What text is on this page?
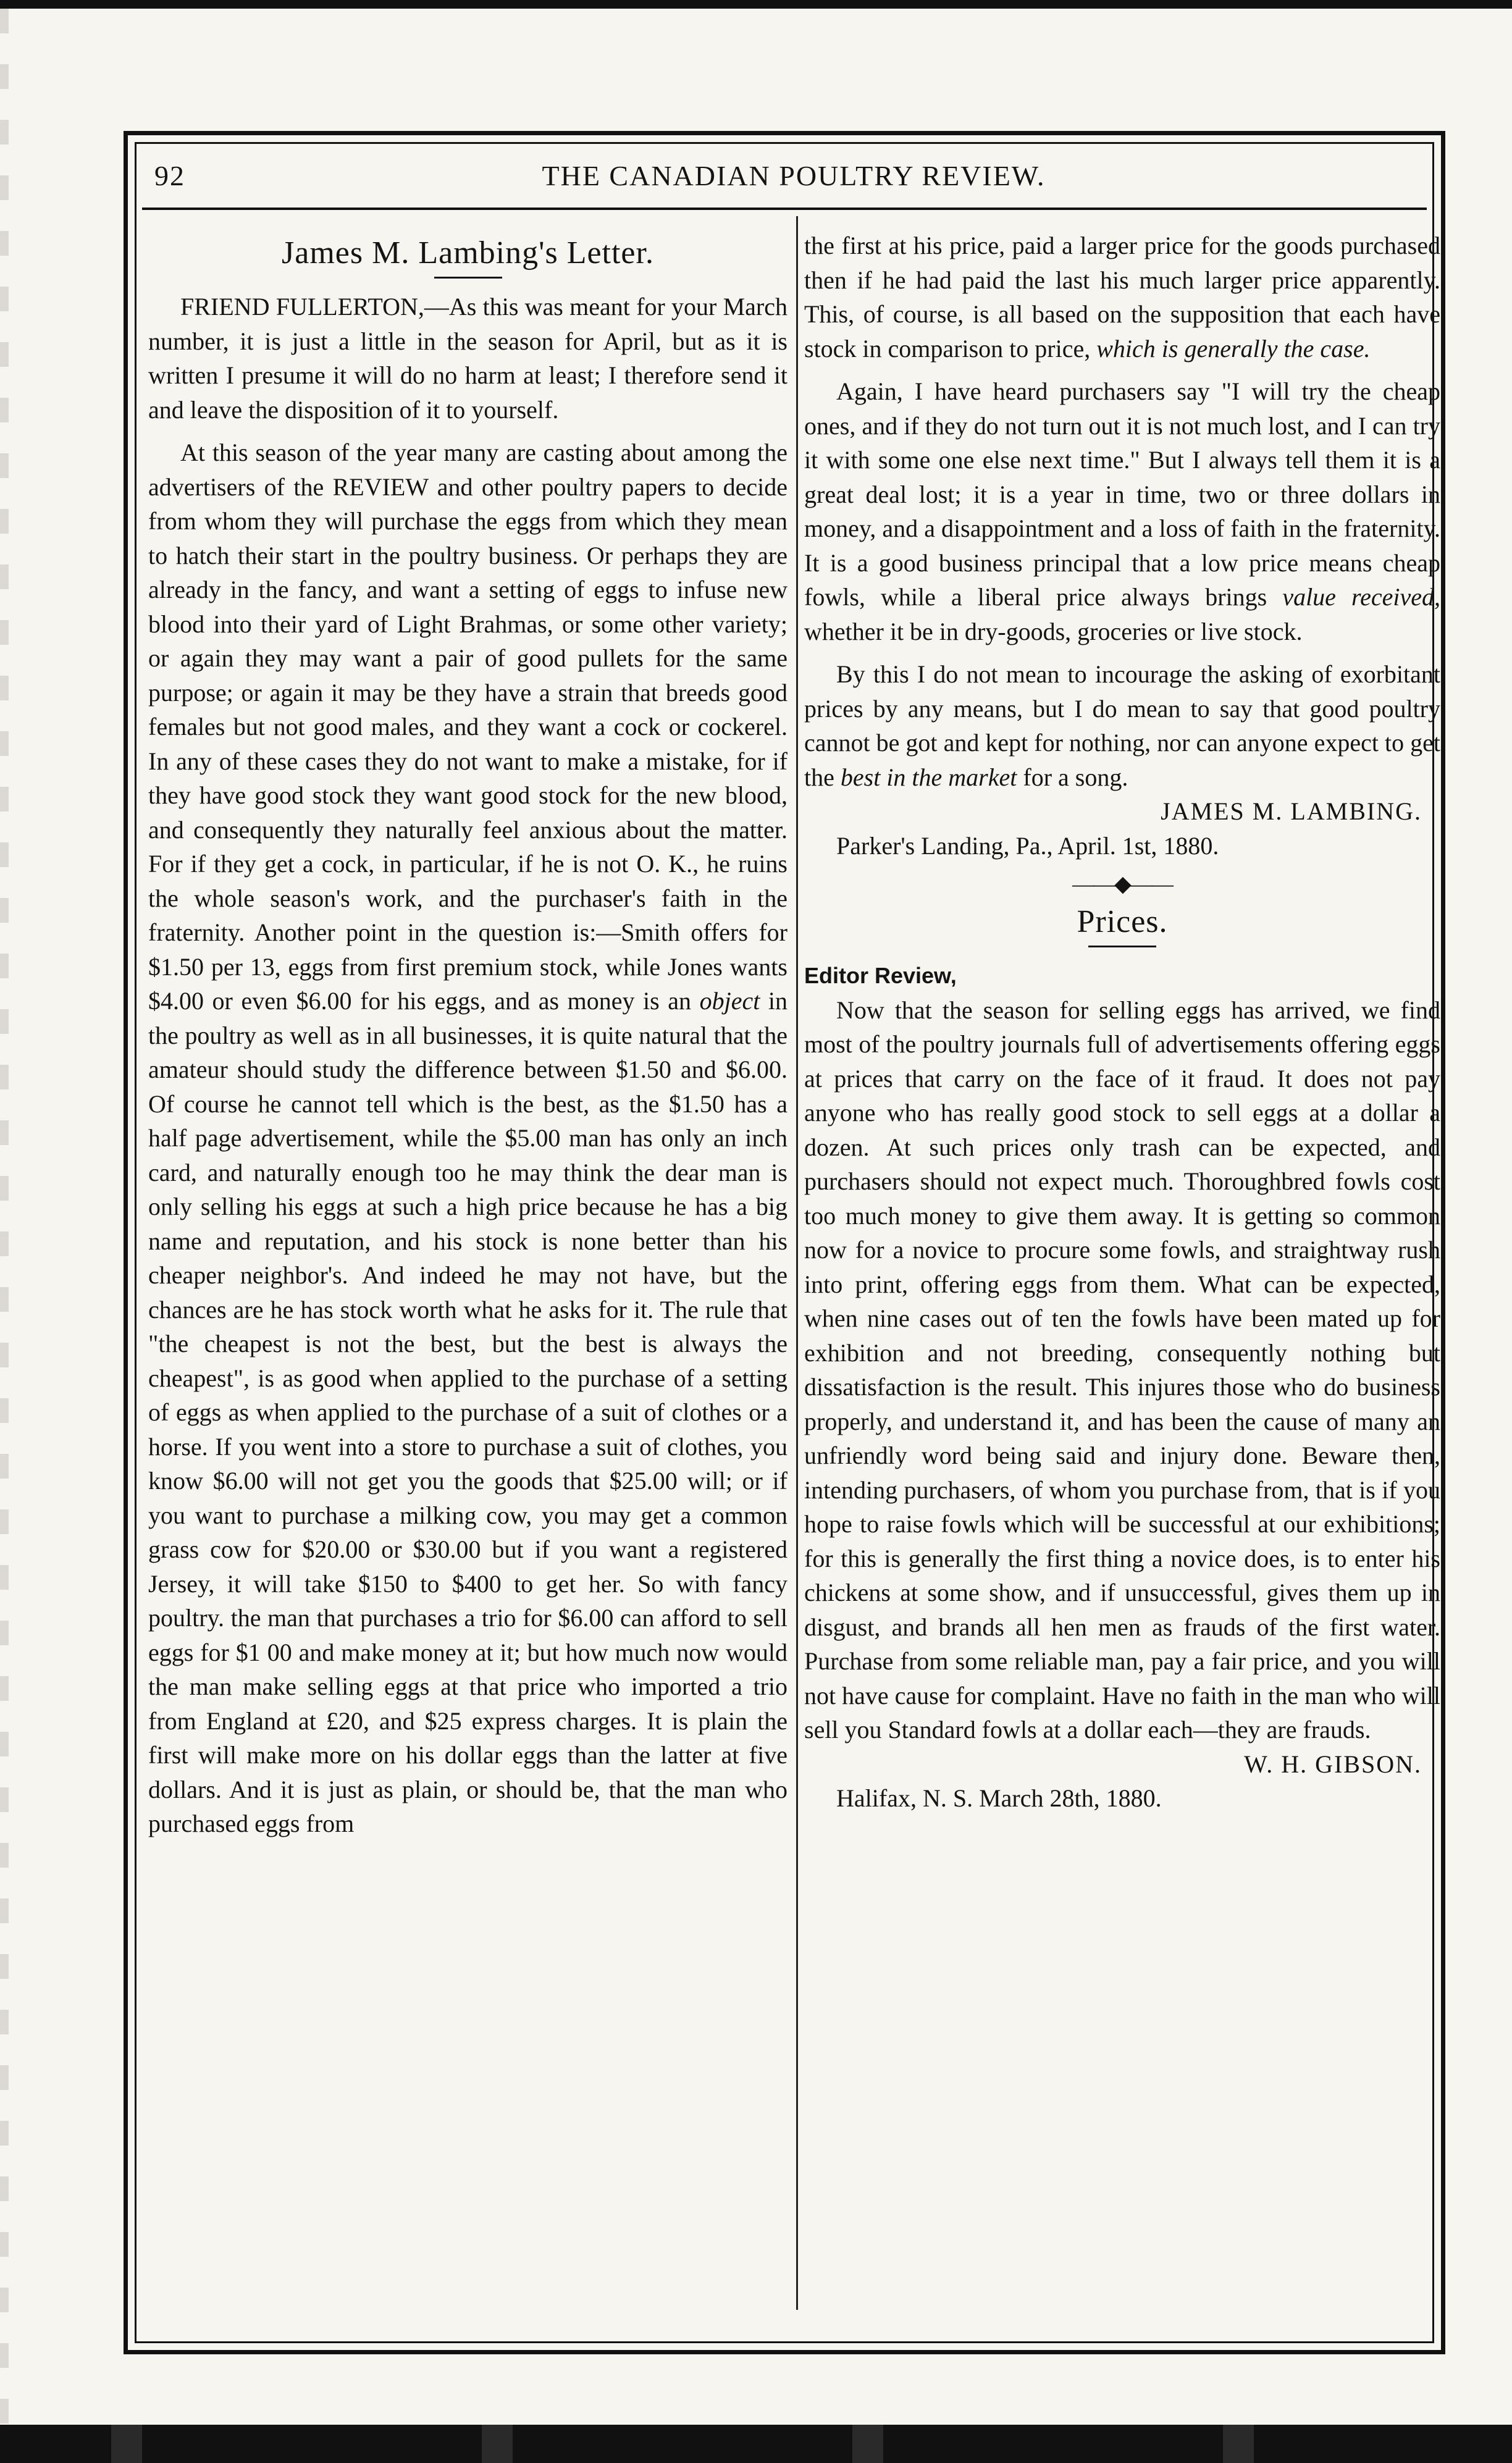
92	THE CANADIAN POULTRY REVIEW.
James M. Lambing's Letter.

FRIEND FULLERTON,—As this was meant for your March number, it is just a little in the season for April, but as it is written I presume it will do no harm at least; I therefore send it and leave the disposition of it to yourself.

At this season of the year many are casting about among the advertisers of the REVIEW and other poultry papers to decide from whom they will purchase the eggs from which they mean to hatch their start in the poultry business. Or perhaps they are already in the fancy, and want a setting of eggs to infuse new blood into their yard of Light Brahmas, or some other variety; or again they may want a pair of good pullets for the same purpose; or again it may be they have a strain that breeds good females but not good males, and they want a cock or cockerel. In any of these cases they do not want to make a mistake, for if they have good stock they want good stock for the new blood, and consequently they naturally feel anxious about the matter. For if they get a cock, in particular, if he is not O. K., he ruins the whole season's work, and the purchaser's faith in the fraternity. Another point in the question is:—Smith offers for $1.50 per 13, eggs from first premium stock, while Jones wants $4.00 or even $6.00 for his eggs, and as money is an object in the poultry as well as in all businesses, it is quite natural that the amateur should study the difference between $1.50 and $6.00. Of course he cannot tell which is the best, as the $1.50 has a half page advertisement, while the $5.00 man has only an inch card, and naturally enough too he may think the dear man is only selling his eggs at such a high price because he has a big name and reputation, and his stock is none better than his cheaper neighbor's. And indeed he may not have, but the chances are he has stock worth what he asks for it. The rule that "the cheapest is not the best, but the best is always the cheapest", is as good when applied to the purchase of a setting of eggs as when applied to the purchase of a suit of clothes or a horse. If you went into a store to purchase a suit of clothes, you know $6.00 will not get you the goods that $25.00 will; or if you want to purchase a milking cow, you may get a common grass cow for $20.00 or $30.00 but if you want a registered Jersey, it will take $150 to $400 to get her. So with fancy poultry. the man that purchases a trio for $6.00 can afford to sell eggs for $1 00 and make money at it; but how much now would the man make selling eggs at that price who imported a trio from England at £20, and $25 express charges. It is plain the first will make more on his dollar eggs than the latter at five dollars. And it is just as plain, or should be, that the man who purchased eggs from

the first at his price, paid a larger price for the goods purchased then if he had paid the last his much larger price apparently. This, of course, is all based on the supposition that each have stock in comparison to price, which is generally the case.

Again, I have heard purchasers say "I will try the cheap ones, and if they do not turn out it is not much lost, and I can try it with some one else next time." But I always tell them it is a great deal lost; it is a year in time, two or three dollars in money, and a disappointment and a loss of faith in the fraternity. It is a good business principal that a low price means cheap fowls, while a liberal price always brings value received, whether it be in dry-goods, groceries or live stock.

By this I do not mean to incourage the asking of exorbitant prices by any means, but I do mean to say that good poultry cannot be got and kept for nothing, nor can anyone expect to get the best in the market for a song.

JAMES M. LAMBING.

Parker's Landing, Pa., April. 1st, 1880.

——◆——
Prices.

Editor Review,

Now that the season for selling eggs has arrived, we find most of the poultry journals full of advertisements offering eggs at prices that carry on the face of it fraud. It does not pay anyone who has really good stock to sell eggs at a dollar a dozen. At such prices only trash can be expected, and purchasers should not expect much. Thoroughbred fowls cost too much money to give them away. It is getting so common now for a novice to procure some fowls, and straightway rush into print, offering eggs from them. What can be expected, when nine cases out of ten the fowls have been mated up for exhibition and not breeding, consequently nothing but dissatisfaction is the result. This injures those who do business properly, and understand it, and has been the cause of many an unfriendly word being said and injury done. Beware then, intending purchasers, of whom you purchase from, that is if you hope to raise fowls which will be successful at our exhibitions; for this is generally the first thing a novice does, is to enter his chickens at some show, and if unsuccessful, gives them up in disgust, and brands all hen men as frauds of the first water. Purchase from some reliable man, pay a fair price, and you will not have cause for complaint. Have no faith in the man who will sell you Standard fowls at a dollar each—they are frauds.

W. H. GIBSON.

Halifax, N. S. March 28th, 1880.
